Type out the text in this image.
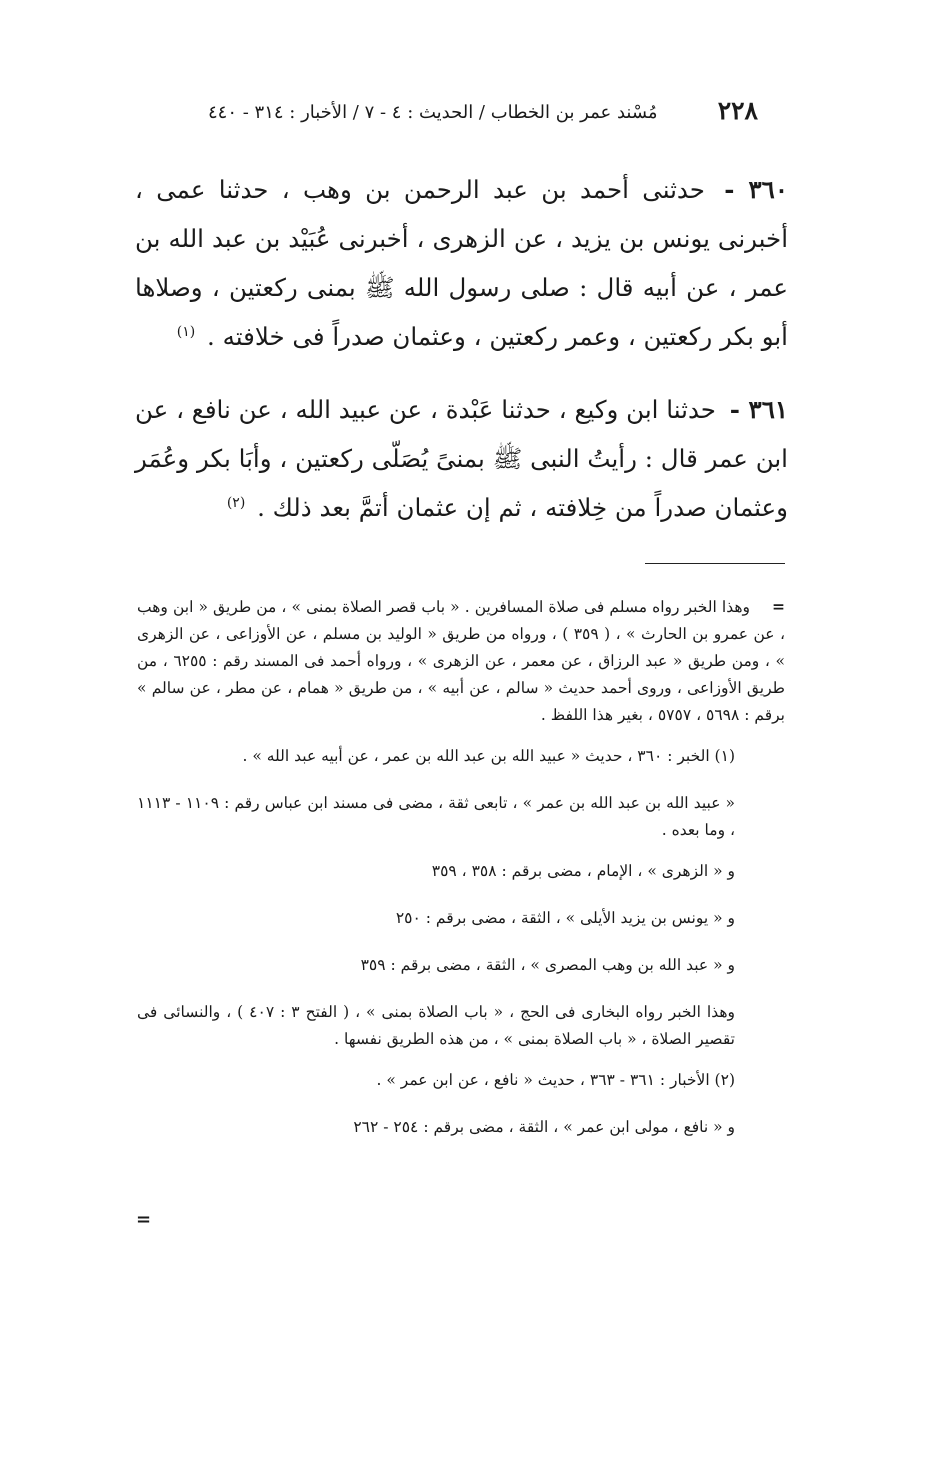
٢٢٨
مُسْند عمر بن الخطاب / الحديث : ٤ - ٧ / الأخبار : ٣١٤ - ٤٤٠

٣٦٠ - حدثنى أحمد بن عبد الرحمن بن وهب ، حدثنا عمى ، أخبرنى يونس بن يزيد ، عن الزهرى ، أخبرنى عُبَيْد بن عبد الله بن عمر ، عن أبيه قال : صلى رسول الله ﷺ بمنى ركعتين ، وصلاها أبو بكر ركعتين ، وعمر ركعتين ، وعثمان صدراً فى خلافته . $^{(١)}$

٣٦١ - حدثنا ابن وكيع ، حدثنا عَبْدة ، عن عبيد الله ، عن نافع ، عن ابن عمر قال : رأيتُ النبى ﷺ بمنىً يُصَلّى ركعتين ، وأبَا بكر وعُمَر وعثمان صدراً من خِلافته ، ثم إن عثمان أتمَّ بعد ذلك . $^{(٢)}$

=وهذا الخبر رواه مسلم فى صلاة المسافرين . « باب قصر الصلاة بمنى » ، من طريق « ابن وهب ، عن عمرو بن الحارث » ، ( ٣٥٩ ) ، ورواه من طريق « الوليد بن مسلم ، عن الأوزاعى ، عن الزهرى » ، ومن طريق « عبد الرزاق ، عن معمر ، عن الزهرى » ، ورواه أحمد فى المسند رقم : ٦٢٥٥ ، من طريق الأوزاعى ، وروى أحمد حديث « سالم ، عن أبيه » ، من طريق « همام ، عن مطر ، عن سالم » برقم : ٥٦٩٨ ، ٥٧٥٧ ، بغير هذا اللفظ .

(١) الخبر : ٣٦٠ ، حديث « عبيد الله بن عبد الله بن عمر ، عن أبيه عبد الله » .

« عبيد الله بن عبد الله بن عمر » ، تابعى ثقة ، مضى فى مسند ابن عباس رقم : ١١٠٩ - ١١١٣ ، وما بعده .

و « الزهرى » ، الإمام ، مضى برقم : ٣٥٨ ، ٣٥٩

و « يونس بن يزيد الأيلى » ، الثقة ، مضى برقم : ٢٥٠

و « عبد الله بن وهب المصرى » ، الثقة ، مضى برقم : ٣٥٩

وهذا الخبر رواه البخارى فى الحج ، « باب الصلاة بمنى » ، ( الفتح ٣ : ٤٠٧ ) ، والنسائى فى تقصير الصلاة ، « باب الصلاة بمنى » ، من هذه الطريق نفسها .

(٢) الأخبار : ٣٦١ - ٣٦٣ ، حديث « نافع ، عن ابن عمر » .

و « نافع ، مولى ابن عمر » ، الثقة ، مضى برقم : ٢٥٤ - ٢٦٢

=
